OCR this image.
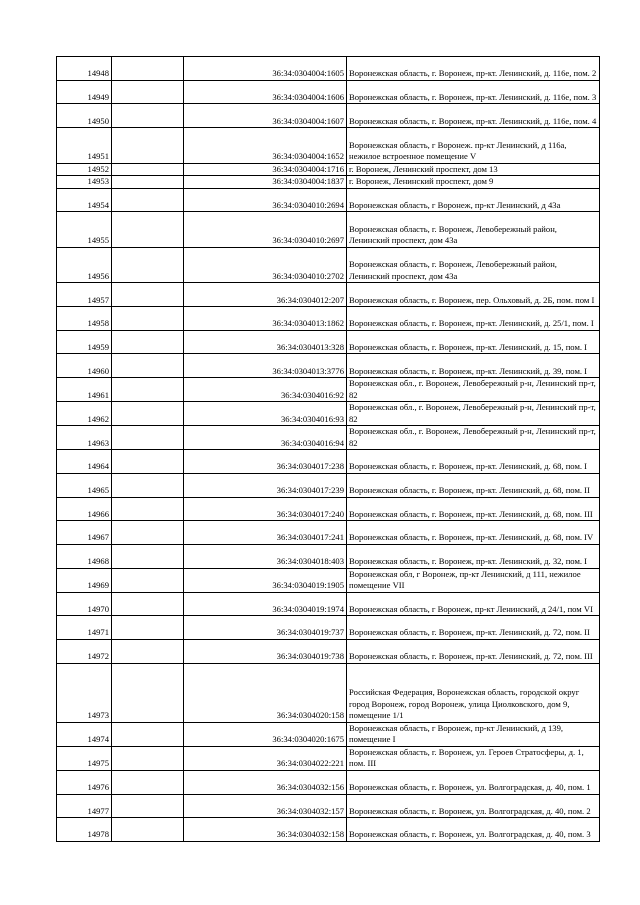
14948		36:34:0304004:1605	Воронежская область, г. Воронеж, пр-кт. Ленинский, д. 116е, пом. 2
14949		36:34:0304004:1606	Воронежская область, г. Воронеж, пр-кт. Ленинский, д. 116е, пом. 3
14950		36:34:0304004:1607	Воронежская область, г. Воронеж, пр-кт. Ленинский, д. 116е, пом. 4
14951		36:34:0304004:1652	Воронежская область, г Воронеж. пр-кт Ленинский, д 116а, нежилое встроенное помещение V
14952		36:34:0304004:1716	г. Воронеж, Ленинский проспект, дом 13
14953		36:34:0304004:1837	г. Воронеж, Ленинский проспект, дом 9
14954		36:34:0304010:2694	Воронежская область, г Воронеж, пр-кт Ленинский, д 43а
14955		36:34:0304010:2697	Воронежская область, г. Воронеж, Левобережный район, Ленинский проспект, дом 43а
14956		36:34:0304010:2702	Воронежская область, г. Воронеж, Левобережный район, Ленинский проспект, дом 43а
14957		36:34:0304012:207	Воронежская область, г. Воронеж, пер. Ольховый, д. 2Б, пом. пом I
14958		36:34:0304013:1862	Воронежская область, г. Воронеж, пр-кт. Ленинский, д. 25/1, пом. I
14959		36:34:0304013:328	Воронежская область, г. Воронеж, пр-кт. Ленинский, д. 15, пом. I
14960		36:34:0304013:3776	Воронежская область, г. Воронеж, пр-кт. Ленинский, д. 39, пом. I
14961		36:34:0304016:92	Воронежская обл., г. Воронеж, Левобережный р-н, Ленинский пр-т, 82
14962		36:34:0304016:93	Воронежская обл., г. Воронеж, Левобережный р-н, Ленинский пр-т, 82
14963		36:34:0304016:94	Воронежская обл., г. Воронеж, Левобережный р-н, Ленинский пр-т, 82
14964		36:34:0304017:238	Воронежская область, г. Воронеж, пр-кт. Ленинский, д. 68, пом. I
14965		36:34:0304017:239	Воронежская область, г. Воронеж, пр-кт. Ленинский, д. 68, пом. II
14966		36:34:0304017:240	Воронежская область, г. Воронеж, пр-кт. Ленинский, д. 68, пом. III
14967		36:34:0304017:241	Воронежская область, г. Воронеж, пр-кт. Ленинский, д. 68, пом. IV
14968		36:34:0304018:403	Воронежская область, г. Воронеж, пр-кт. Ленинский, д. 32, пом. I
14969		36:34:0304019:1905	Воронежская обл, г Воронеж, пр-кт Ленинский, д 111, нежилое помещение VII
14970		36:34:0304019:1974	Воронежская область, г Воронеж, пр-кт Ленинский, д 24/1, пом VI
14971		36:34:0304019:737	Воронежская область, г. Воронеж, пр-кт. Ленинский, д. 72, пом. II
14972		36:34:0304019:738	Воронежская область, г. Воронеж, пр-кт. Ленинский, д. 72, пом. III
14973		36:34:0304020:158	Российская Федерация, Воронежская область, городской округ город Воронеж, город Воронеж, улица Циолковского, дом 9, помещение 1/1
14974		36:34:0304020:1675	Воронежская область, г Воронеж, пр-кт Ленинский, д 139, помещение I
14975		36:34:0304022:221	Воронежская область, г. Воронеж, ул. Героев Стратосферы, д. 1, пом. III
14976		36:34:0304032:156	Воронежская область, г. Воронеж, ул. Волгоградская, д. 40, пом. 1
14977		36:34:0304032:157	Воронежская область, г. Воронеж, ул. Волгоградская, д. 40, пом. 2
14978		36:34:0304032:158	Воронежская область, г. Воронеж, ул. Волгоградская, д. 40, пом. 3
